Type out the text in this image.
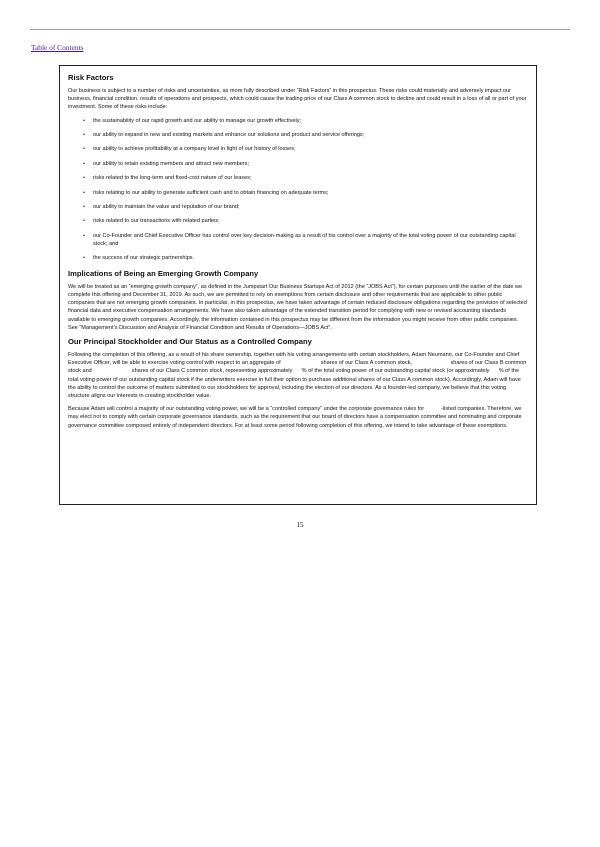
Table of Contents
Risk Factors

Our business is subject to a number of risks and uncertainties, as more fully described under “Risk Factors” in this prospectus. These risks could materially and adversely impact our business, financial condition, results of operations and prospects, which could cause the trading price of our Class A common stock to decline and could result in a loss of all or part of your investment. Some of these risks include:

• the sustainability of our rapid growth and our ability to manage our growth effectively;
• our ability to expand in new and existing markets and enhance our solutions and product and service offerings;
• our ability to achieve profitability at a company level in light of our history of losses;
• our ability to retain existing members and attract new members;
• risks related to the long-term and fixed-cost nature of our leases;
• risks relating to our ability to generate sufficient cash and to obtain financing on adequate terms;
• our ability to maintain the value and reputation of our brand;
• risks related to our transactions with related parties;
• our Co-Founder and Chief Executive Officer has control over key decision-making as a result of his control over a majority of the total voting power of our outstanding capital stock; and
• the success of our strategic partnerships.
Implications of Being an Emerging Growth Company

We will be treated as an “emerging growth company”, as defined in the Jumpstart Our Business Startups Act of 2012 (the “JOBS Act”), for certain purposes until the earlier of the date we complete this offering and December 31, 2019. As such, we are permitted to rely on exemptions from certain disclosure and other requirements that are applicable to other public companies that are not emerging growth companies. In particular, in this prospectus, we have taken advantage of certain reduced disclosure obligations regarding the provision of selected financial data and executive compensation arrangements. We have also taken advantage of the extended transition period for complying with new or revised accounting standards available to emerging growth companies. Accordingly, the information contained in this prospectus may be different from the information you might receive from other public companies. See “Management’s Discussion and Analysis of Financial Condition and Results of Operations—JOBS Act”.

Our Principal Stockholder and Our Status as a Controlled Company

Following the completion of this offering, as a result of his share ownership, together with his voting arrangements with certain stockholders, Adam Neumann, our Co-Founder and Chief Executive Officer, will be able to exercise voting control with respect to an aggregate of                          shares of our Class A common stock,                         shares of our Class B common stock and                          shares of our Class C common stock, representing approximately      % of the total voting power of our outstanding capital stock (or approximately      % of the total voting power of our outstanding capital stock if the underwriters exercise in full their option to purchase additional shares of our Class A common stock). Accordingly, Adam will have the ability to control the outcome of matters submitted to our stockholders for approval, including the election of our directors. As a founder-led company, we believe that this voting structure aligns our interests in creating stockholder value.

Because Adam will control a majority of our outstanding voting power, we will be a “controlled company” under the corporate governance rules for           -listed companies. Therefore, we may elect not to comply with certain corporate governance standards, such as the requirement that our board of directors have a compensation committee and nominating and corporate governance committee composed entirely of independent directors. For at least some period following completion of this offering, we intend to take advantage of these exemptions.

15
